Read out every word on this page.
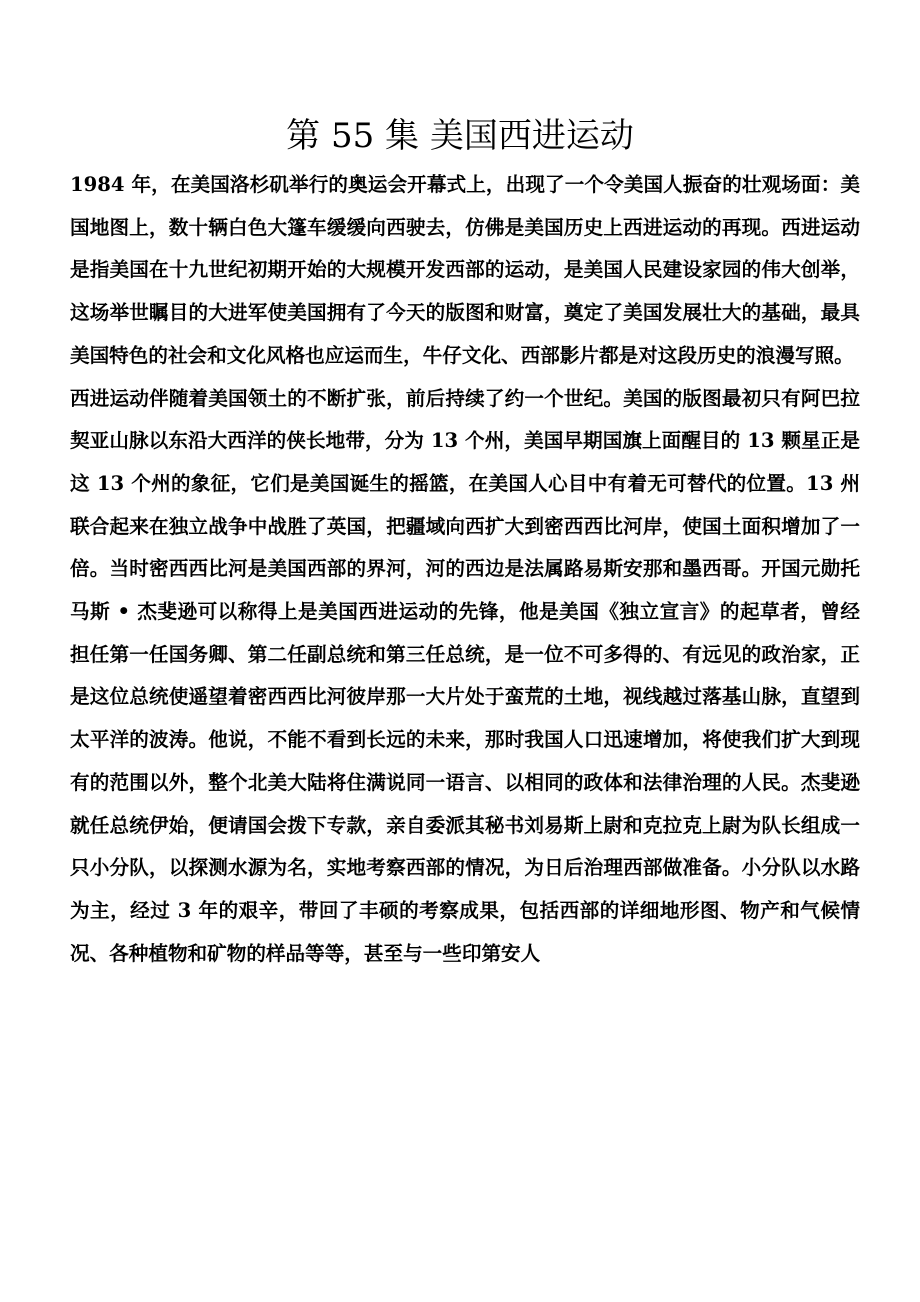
第 55 集 美国西进运动

1984 年，在美国洛杉矶举行的奥运会开幕式上，出现了一个令美国人振奋的壮观场面：美国地图上，数十辆白色大篷车缓缓向西驶去，仿佛是美国历史上西进运动的再现。西进运动是指美国在十九世纪初期开始的大规模开发西部的运动，是美国人民建设家园的伟大创举，这场举世瞩目的大进军使美国拥有了今天的版图和财富，奠定了美国发展壮大的基础，最具美国特色的社会和文化风格也应运而生，牛仔文化、西部影片都是对这段历史的浪漫写照。

西进运动伴随着美国领土的不断扩张，前后持续了约一个世纪。美国的版图最初只有阿巴拉契亚山脉以东沿大西洋的侠长地带，分为 13 个州，美国早期国旗上面醒目的 13 颗星正是这 13 个州的象征，它们是美国诞生的摇篮，在美国人心目中有着无可替代的位置。13 州联合起来在独立战争中战胜了英国，把疆域向西扩大到密西西比河岸，使国土面积增加了一倍。当时密西西比河是美国西部的界河，河的西边是法属路易斯安那和墨西哥。开国元勋托马斯 • 杰斐逊可以称得上是美国西进运动的先锋，他是美国《独立宣言》的起草者，曾经担任第一任国务卿、第二任副总统和第三任总统，是一位不可多得的、有远见的政治家，正是这位总统使遥望着密西西比河彼岸那一大片处于蛮荒的土地，视线越过落基山脉，直望到太平洋的波涛。他说，不能不看到长远的未来，那时我国人口迅速增加，将使我们扩大到现有的范围以外，整个北美大陆将住满说同一语言、以相同的政体和法律治理的人民。杰斐逊就任总统伊始，便请国会拨下专款，亲自委派其秘书刘易斯上尉和克拉克上尉为队长组成一只小分队，以探测水源为名，实地考察西部的情况，为日后治理西部做准备。小分队以水路为主，经过 3 年的艰辛，带回了丰硕的考察成果，包括西部的详细地形图、物产和气候情况、各种植物和矿物的样品等等，甚至与一些印第安人
